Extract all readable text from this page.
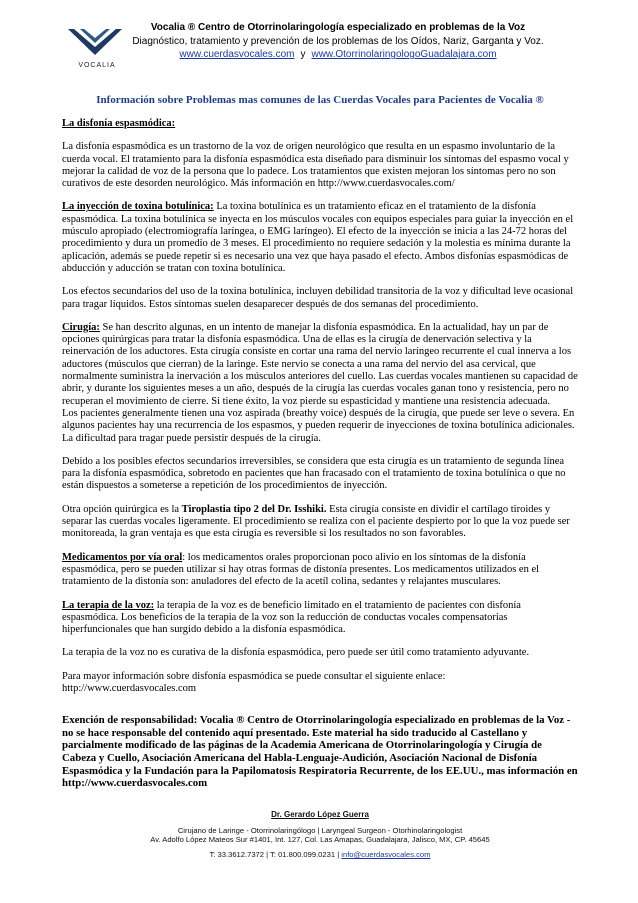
VOCALIA
Vocalia ® Centro de Otorrinolaringología especializado en problemas de la Voz
Diagnóstico, tratamiento y prevención de los problemas de los Oídos, Nariz, Garganta y Voz.
www.cuerdasvocales.com y www.OtorrinolaringologoGuadalajara.com
Información sobre Problemas mas comunes de las Cuerdas Vocales para Pacientes de Vocalia ®

La disfonía espasmódica:

La disfonía espasmódica es un trastorno de la voz de origen neurológico que resulta en un espasmo involuntario de la cuerda vocal. El tratamiento para la disfonía espasmódica esta diseñado para disminuir los síntomas del espasmo vocal y mejorar la calidad de voz de la persona que lo padece. Los tratamientos que existen mejoran los síntomas pero no son curativos de este desorden neurológico. Más información en http://www.cuerdasvocales.com/

La inyección de toxina botulínica: La toxina botulínica es un tratamiento eficaz en el tratamiento de la disfonía espasmódica. La toxina botulínica se inyecta en los músculos vocales con equipos especiales para guiar la inyección en el músculo apropiado (electromiografía laríngea, o EMG laríngeo). El efecto de la inyección se inicia a las 24-72 horas del procedimiento y dura un promedio de 3 meses. El procedimiento no requiere sedación y la molestia es mínima durante la aplicación, además se puede repetir si es necesario una vez que haya pasado el efecto. Ambos disfonías espasmódicas de abducción y aducción se tratan con toxina botulínica.

Los efectos secundarios del uso de la toxina botulínica, incluyen debilidad transitoria de la voz y dificultad leve ocasional para tragar líquidos. Estos síntomas suelen desaparecer después de dos semanas del procedimiento.

Cirugía: Se han descrito algunas, en un intento de manejar la disfonía espasmódica. En la actualidad, hay un par de opciones quirúrgicas para tratar la disfonía espasmódica. Una de ellas es la cirugía de denervación selectiva y la reinervación de los aductores. Esta cirugía consiste en cortar una rama del nervio laríngeo recurrente el cual innerva a los aductores (músculos que cierran) de la laringe. Este nervio se conecta a una rama del nervio del asa cervical, que normalmente suministra la inervación a los músculos anteriores del cuello. Las cuerdas vocales mantienen su capacidad de abrir, y durante los siguientes meses a un año, después de la cirugía las cuerdas vocales ganan tono y resistencia, pero no recuperan el movimiento de cierre. Si tiene éxito, la voz pierde su espasticidad y mantiene una resistencia adecuada.
Los pacientes generalmente tienen una voz aspirada (breathy voice) después de la cirugía, que puede ser leve o severa. En algunos pacientes hay una recurrencia de los espasmos, y pueden requerir de inyecciones de toxina botulínica adicionales. La dificultad para tragar puede persistir después de la cirugía.

Debido a los posibles efectos secundarios irreversibles, se considera que esta cirugía es un tratamiento de segunda línea para la disfonía espasmódica, sobretodo en pacientes que han fracasado con el tratamiento de toxina botulínica o que no están dispuestos a someterse a repetición de los procedimientos de inyección.

Otra opción quirúrgica es la Tiroplastia tipo 2 del Dr. Isshiki. Esta cirugía consiste en dividir el cartílago tiroides y separar las cuerdas vocales ligeramente. El procedimiento se realiza con el paciente despierto por lo que la voz puede ser monitoreada, la gran ventaja es que esta cirugía es reversible si los resultados no son favorables.

Medicamentos por vía oral: los medicamentos orales proporcionan poco alivio en los síntomas de la disfonía espasmódica, pero se pueden utilizar si hay otras formas de distonía presentes. Los medicamentos utilizados en el tratamiento de la distonía son: anuladores del efecto de la acetíl colina, sedantes y relajantes musculares.

La terapia de la voz: la terapia de la voz es de beneficio limitado en el tratamiento de pacientes con disfonía espasmódica. Los beneficios de la terapia de la voz son la reducción de conductas vocales compensatorias hiperfuncionales que han surgido debido a la disfonía espasmódica.

La terapia de la voz no es curativa de la disfonía espasmódica, pero puede ser útil como tratamiento adyuvante.

Para mayor información sobre disfonía espasmódica se puede consultar el siguiente enlace:
http://www.cuerdasvocales.com

Exención de responsabilidad: Vocalia ® Centro de Otorrinolaringología especializado en problemas de la Voz - no se hace responsable del contenido aquí presentado. Este material ha sido traducido al Castellano y parcialmente modificado de las páginas de la Academia Americana de Otorrinolaringología y Cirugía de Cabeza y Cuello, Asociación Americana del Habla-Lenguaje-Audición, Asociación Nacional de Disfonía Espasmódica y la Fundación para la Papilomatosis Respiratoria Recurrente, de los EE.UU., mas información en http://www.cuerdasvocales.com

Dr. Gerardo López Guerra
Cirujano de Laringe - Otorrinolaringólogo | Laryngeal Surgeon - Otorhinolaringologist
Av. Adolfo López Mateos Sur #1401, Int. 127, Col. Las Amapas, Guadalajara, Jalisco, MX, CP. 45645
T: 33.3612.7372 | T: 01.800.099.0231 | info@cuerdasvocales.com
